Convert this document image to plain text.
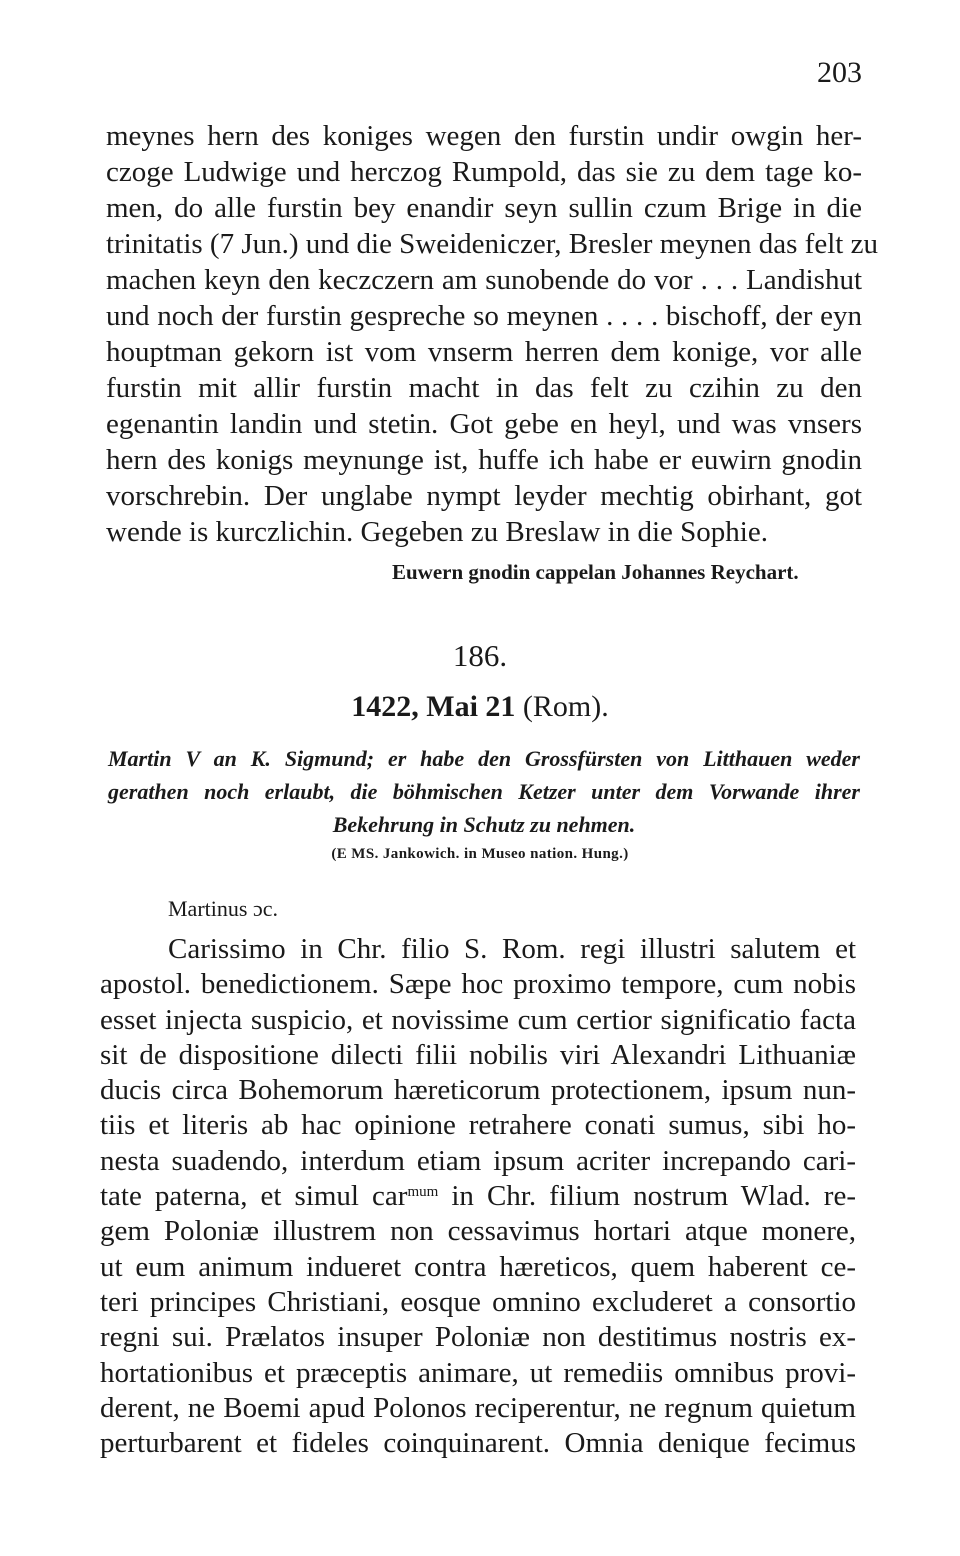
203
meynes hern des koniges wegen den furstin undir owgin her-
czoge Ludwige und herczog Rumpold, das sie zu dem tage ko-
men, do alle furstin bey enandir seyn sullin czum Brige in die
trinitatis (7 Jun.) und die Sweideniczer, Bresler meynen das felt zu
machen keyn den keczczern am sunobende do vor . . . Landishut
und noch der furstin gespreche so meynen . . . . bischoff, der eyn
houptman gekorn ist vom vnserm herren dem konige, vor alle
furstin mit allir furstin macht in das felt zu czihin zu den
egenantin landin und stetin. Got gebe en heyl, und was vnsers
hern des konigs meynunge ist, huffe ich habe er euwirn gnodin
vorschrebin. Der unglabe nympt leyder mechtig obirhant, got
wende is kurczlichin. Gegeben zu Breslaw in die Sophie.
Euwern gnodin cappelan Johannes Reychart.
186.
1422, Mai 21 (Rom).
Martin V an K. Sigmund; er habe den Grossfürsten von Litthauen weder
gerathen noch erlaubt, die böhmischen Ketzer unter dem Vorwande ihrer
Bekehrung in Schutz zu nehmen.
(E MS. Jankowich. in Museo nation. Hung.)
Martinus ɔc.
Carissimo in Chr. filio S. Rom. regi illustri salutem et
apostol. benedictionem. Sæpe hoc proximo tempore, cum nobis
esset injecta suspicio, et novissime cum certior significatio facta
sit de dispositione dilecti filii nobilis viri Alexandri Lithuaniæ
ducis circa Bohemorum hæreticorum protectionem, ipsum nun-
tiis et literis ab hac opinione retrahere conati sumus, sibi ho-
nesta suadendo, interdum etiam ipsum acriter increpando cari-
tate paterna, et simul car$^{mum}$ in Chr. filium nostrum Wlad. re-
gem Poloniæ illustrem non cessavimus hortari atque monere,
ut eum animum indueret contra hæreticos, quem haberent ce-
teri principes Christiani, eosque omnino excluderet a consortio
regni sui. Prælatos insuper Poloniæ non destitimus nostris ex-
hortationibus et præceptis animare, ut remediis omnibus provi-
derent, ne Boemi apud Polonos reciperentur, ne regnum quietum
perturbarent et fideles coinquinarent. Omnia denique fecimus
